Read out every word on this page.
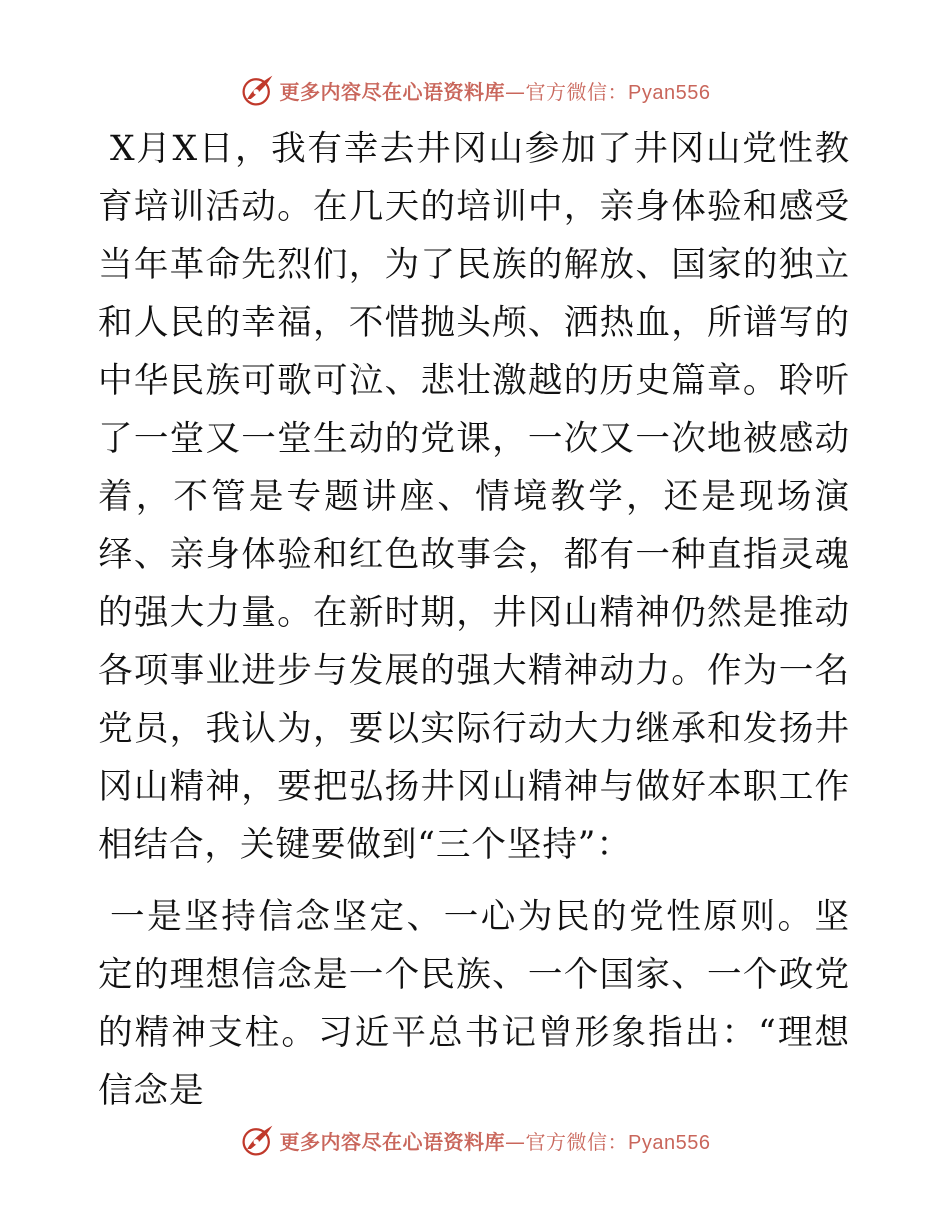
更多内容尽在心语资料库—官方微信：Pyan556

X月X日，我有幸去井冈山参加了井冈山党性教育培训活动。在几天的培训中，亲身体验和感受当年革命先烈们，为了民族的解放、国家的独立和人民的幸福，不惜抛头颅、洒热血，所谱写的中华民族可歌可泣、悲壮激越的历史篇章。聆听了一堂又一堂生动的党课，一次又一次地被感动着，不管是专题讲座、情境教学，还是现场演绎、亲身体验和红色故事会，都有一种直指灵魂的强大力量。在新时期，井冈山精神仍然是推动各项事业进步与发展的强大精神动力。作为一名党员，我认为，要以实际行动大力继承和发扬井冈山精神，要把弘扬井冈山精神与做好本职工作相结合，关键要做到“三个坚持”：

一是坚持信念坚定、一心为民的党性原则。坚定的理想信念是一个民族、一个国家、一个政党的精神支柱。习近平总书记曾形象指出：“理想信念是

更多内容尽在心语资料库—官方微信：Pyan556
